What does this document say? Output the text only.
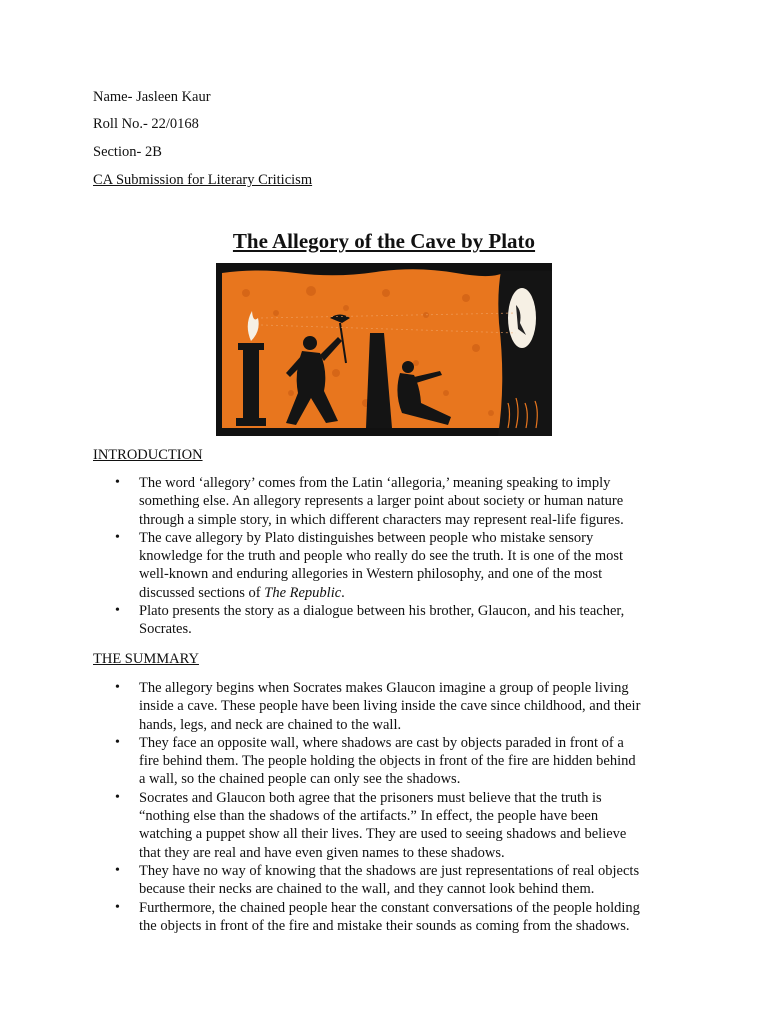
Name- Jasleen Kaur
Roll No.- 22/0168
Section- 2B
CA Submission for Literary Criticism
The Allegory of the Cave by Plato
INTRODUCTION
• The word ‘allegory’ comes from the Latin ‘allegoria,’ meaning speaking to imply
something else. An allegory represents a larger point about society or human nature
through a simple story, in which different characters may represent real-life figures.
• The cave allegory by Plato distinguishes between people who mistake sensory
knowledge for the truth and people who really do see the truth. It is one of the most
well-known and enduring allegories in Western philosophy, and one of the most
discussed sections of The Republic.
• Plato presents the story as a dialogue between his brother, Glaucon, and his teacher,
Socrates.
THE SUMMARY
• The allegory begins when Socrates makes Glaucon imagine a group of people living
inside a cave. These people have been living inside the cave since childhood, and their
hands, legs, and neck are chained to the wall.
• They face an opposite wall, where shadows are cast by objects paraded in front of a
fire behind them. The people holding the objects in front of the fire are hidden behind
a wall, so the chained people can only see the shadows.
• Socrates and Glaucon both agree that the prisoners must believe that the truth is
“nothing else than the shadows of the artifacts.” In effect, the people have been
watching a puppet show all their lives. They are used to seeing shadows and believe
that they are real and have even given names to these shadows.
• They have no way of knowing that the shadows are just representations of real objects
because their necks are chained to the wall, and they cannot look behind them.
• Furthermore, the chained people hear the constant conversations of the people holding
the objects in front of the fire and mistake their sounds as coming from the shadows.
